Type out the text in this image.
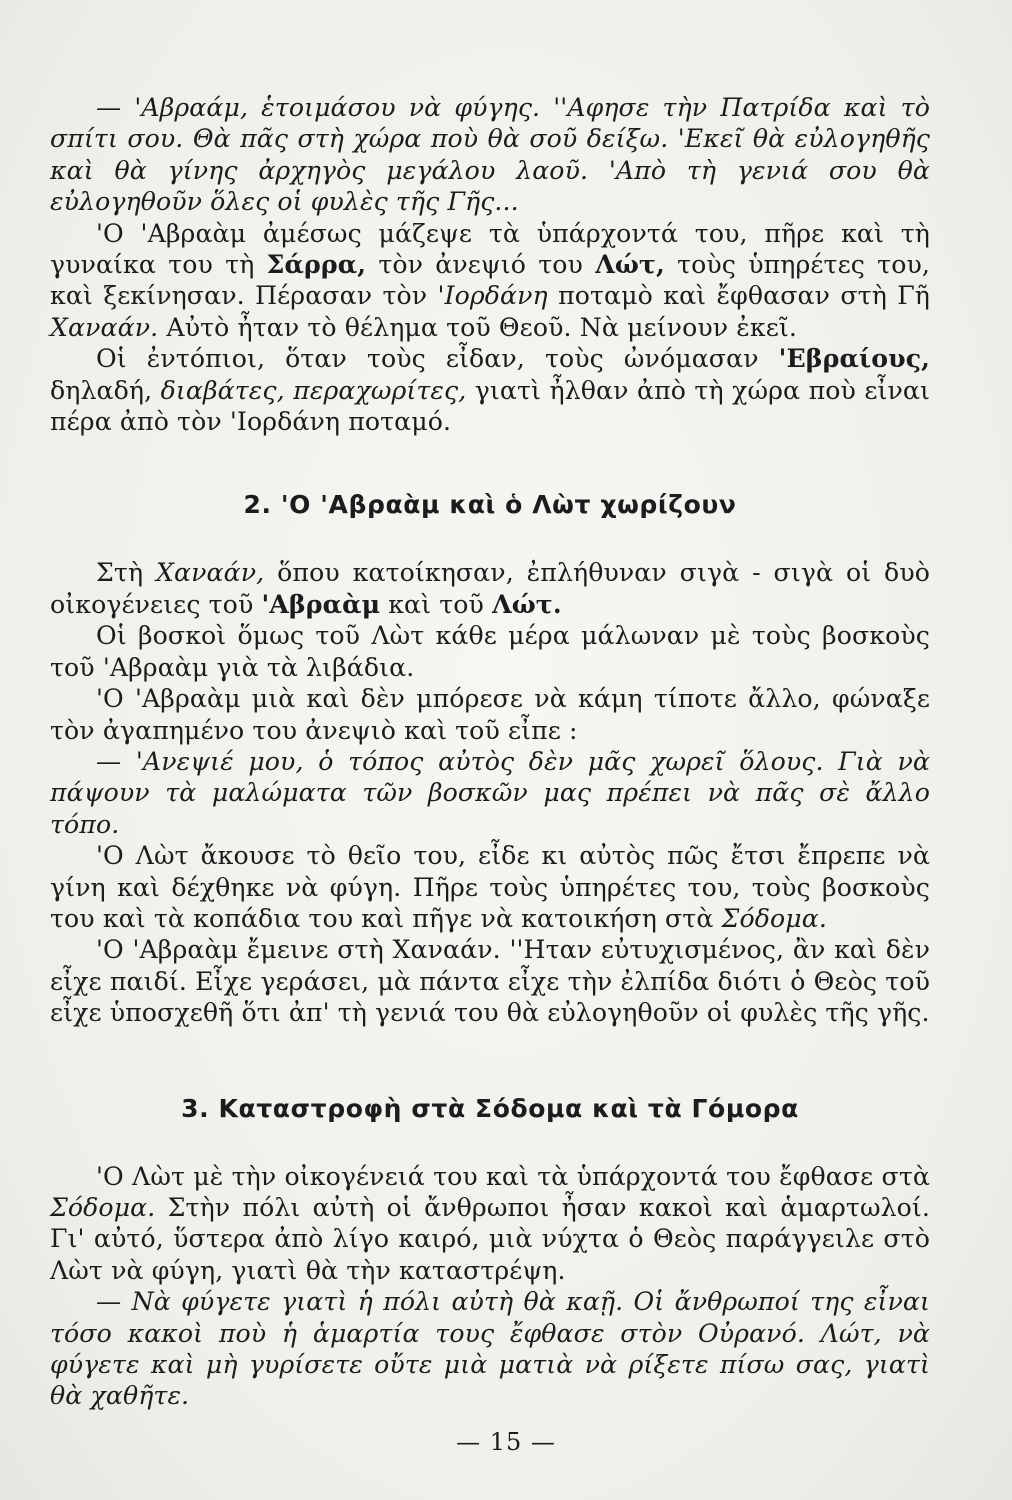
— 'Αβραάμ, ἑτοιμάσου νὰ φύγης. ''Αφησε τὴν Πατρίδα καὶ τὸ σπίτι σου. Θὰ πᾶς στὴ χώρα ποὺ θὰ σοῦ δείξω. 'Εκεῖ θὰ εὐλογηθῆς καὶ θὰ γίνης ἀρχηγὸς μεγάλου λαοῦ. 'Απὸ τὴ γενιά σου θὰ εὐλογηθοῦν ὅλες οἱ φυλὲς τῆς Γῆς...

'Ο 'Αβραὰμ ἀμέσως μάζεψε τὰ ὑπάρχοντά του, πῆρε καὶ τὴ γυναίκα του τὴ Σάρρα, τὸν ἀνεψιό του Λώτ, τοὺς ὑπηρέτες του, καὶ ξεκίνησαν. Πέρασαν τὸν 'Ιορδάνη ποταμὸ καὶ ἔφθασαν στὴ Γῆ Χαναάν. Αὐτὸ ἦταν τὸ θέλημα τοῦ Θεοῦ. Νὰ μείνουν ἐκεῖ.

Οἱ ἐντόπιοι, ὅταν τοὺς εἶδαν, τοὺς ὠνόμασαν 'Εβραίους, δηλαδή, διαβάτες, περαχωρίτες, γιατὶ ἦλθαν ἀπὸ τὴ χώρα ποὺ εἶναι πέρα ἀπὸ τὸν 'Ιορδάνη ποταμό.

2. 'Ο 'Αβραὰμ καὶ ὁ Λὼτ χωρίζουν

Στὴ Χαναάν, ὅπου κατοίκησαν, ἐπλήθυναν σιγὰ - σιγὰ οἱ δυὸ οἰκογένειες τοῦ 'Αβραὰμ καὶ τοῦ Λώτ.

Οἱ βοσκοὶ ὅμως τοῦ Λὼτ κάθε μέρα μάλωναν μὲ τοὺς βοσκοὺς τοῦ 'Αβραὰμ γιὰ τὰ λιβάδια.

'Ο 'Αβραὰμ μιὰ καὶ δὲν μπόρεσε νὰ κάμη τίποτε ἄλλο, φώναξε τὸν ἀγαπημένο του ἀνεψιὸ καὶ τοῦ εἶπε :

— 'Ανεψιέ μου, ὁ τόπος αὐτὸς δὲν μᾶς χωρεῖ ὅλους. Γιὰ νὰ πάψουν τὰ μαλώματα τῶν βοσκῶν μας πρέπει νὰ πᾶς σὲ ἄλλο τόπο.

'Ο Λὼτ ἄκουσε τὸ θεῖο του, εἶδε κι αὐτὸς πῶς ἔτσι ἔπρεπε νὰ γίνη καὶ δέχθηκε νὰ φύγη. Πῆρε τοὺς ὑπηρέτες του, τοὺς βοσκοὺς του καὶ τὰ κοπάδια του καὶ πῆγε νὰ κατοικήση στὰ Σόδομα.

'Ο 'Αβραὰμ ἔμεινε στὴ Χαναάν. ''Ηταν εὐτυχισμένος, ἂν καὶ δὲν εἶχε παιδί. Εἶχε γεράσει, μὰ πάντα εἶχε τὴν ἐλπίδα διότι ὁ Θεὸς τοῦ εἶχε ὑποσχεθῆ ὅτι ἀπ' τὴ γενιά του θὰ εὐλογηθοῦν οἱ φυλὲς τῆς γῆς.

3. Καταστροφὴ στὰ Σόδομα καὶ τὰ Γόμορα

'Ο Λὼτ μὲ τὴν οἰκογένειά του καὶ τὰ ὑπάρχοντά του ἔφθασε στὰ Σόδομα. Στὴν πόλι αὐτὴ οἱ ἄνθρωποι ἦσαν κακοὶ καὶ ἁμαρτωλοί. Γι' αὐτό, ὕστερα ἀπὸ λίγο καιρό, μιὰ νύχτα ὁ Θεὸς παράγγειλε στὸ Λὼτ νὰ φύγη, γιατὶ θὰ τὴν καταστρέψη.

— Νὰ φύγετε γιατὶ ἡ πόλι αὐτὴ θὰ καῇ. Οἱ ἄνθρωποί της εἶναι τόσο κακοὶ ποὺ ἡ ἁμαρτία τους ἔφθασε στὸν Οὐρανό. Λώτ, νὰ φύγετε καὶ μὴ γυρίσετε οὔτε μιὰ ματιὰ νὰ ρίξετε πίσω σας, γιατὶ θὰ χαθῆτε.

— 15 —
